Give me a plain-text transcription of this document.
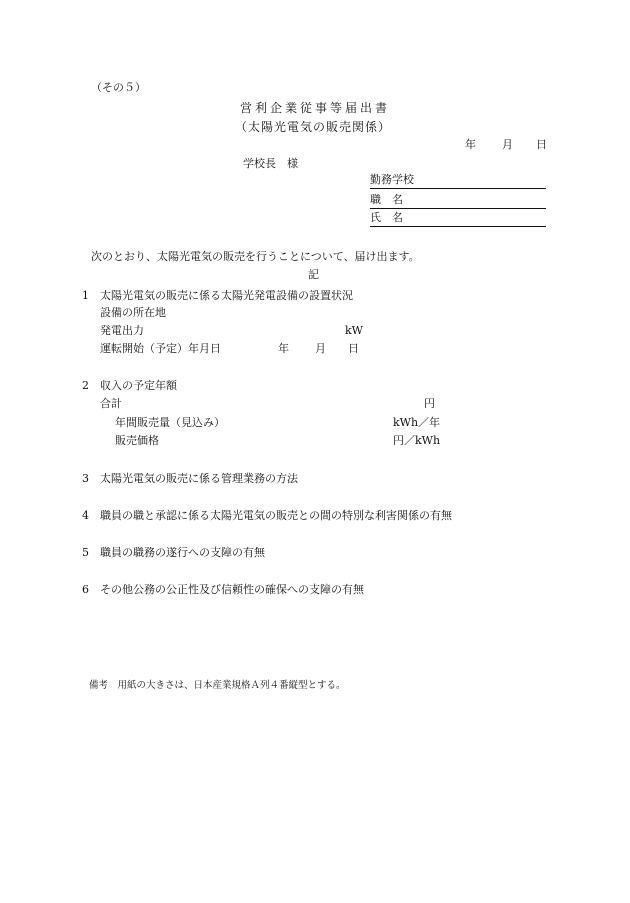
（その５）
営利企業従事等届出書
（太陽光電気の販売関係）
年 月 日
学校長　様
勤務学校
職　名
氏　名
次のとおり、太陽光電気の販売を行うことについて、届け出ます。
記
1 太陽光電気の販売に係る太陽光発電設備の設置状況
設備の所在地
発電出力	kW
運転開始（予定）年月日	年 月 日
2 収入の予定年額
合計	円
年間販売量（見込み）	kWh／年
販売価格	円／kWh
3 太陽光電気の販売に係る管理業務の方法
4 職員の職と承認に係る太陽光電気の販売との間の特別な利害関係の有無
5 職員の職務の遂行への支障の有無
6 その他公務の公正性及び信頼性の確保への支障の有無
備考　用紙の大きさは、日本産業規格Ａ列４番縦型とする。
